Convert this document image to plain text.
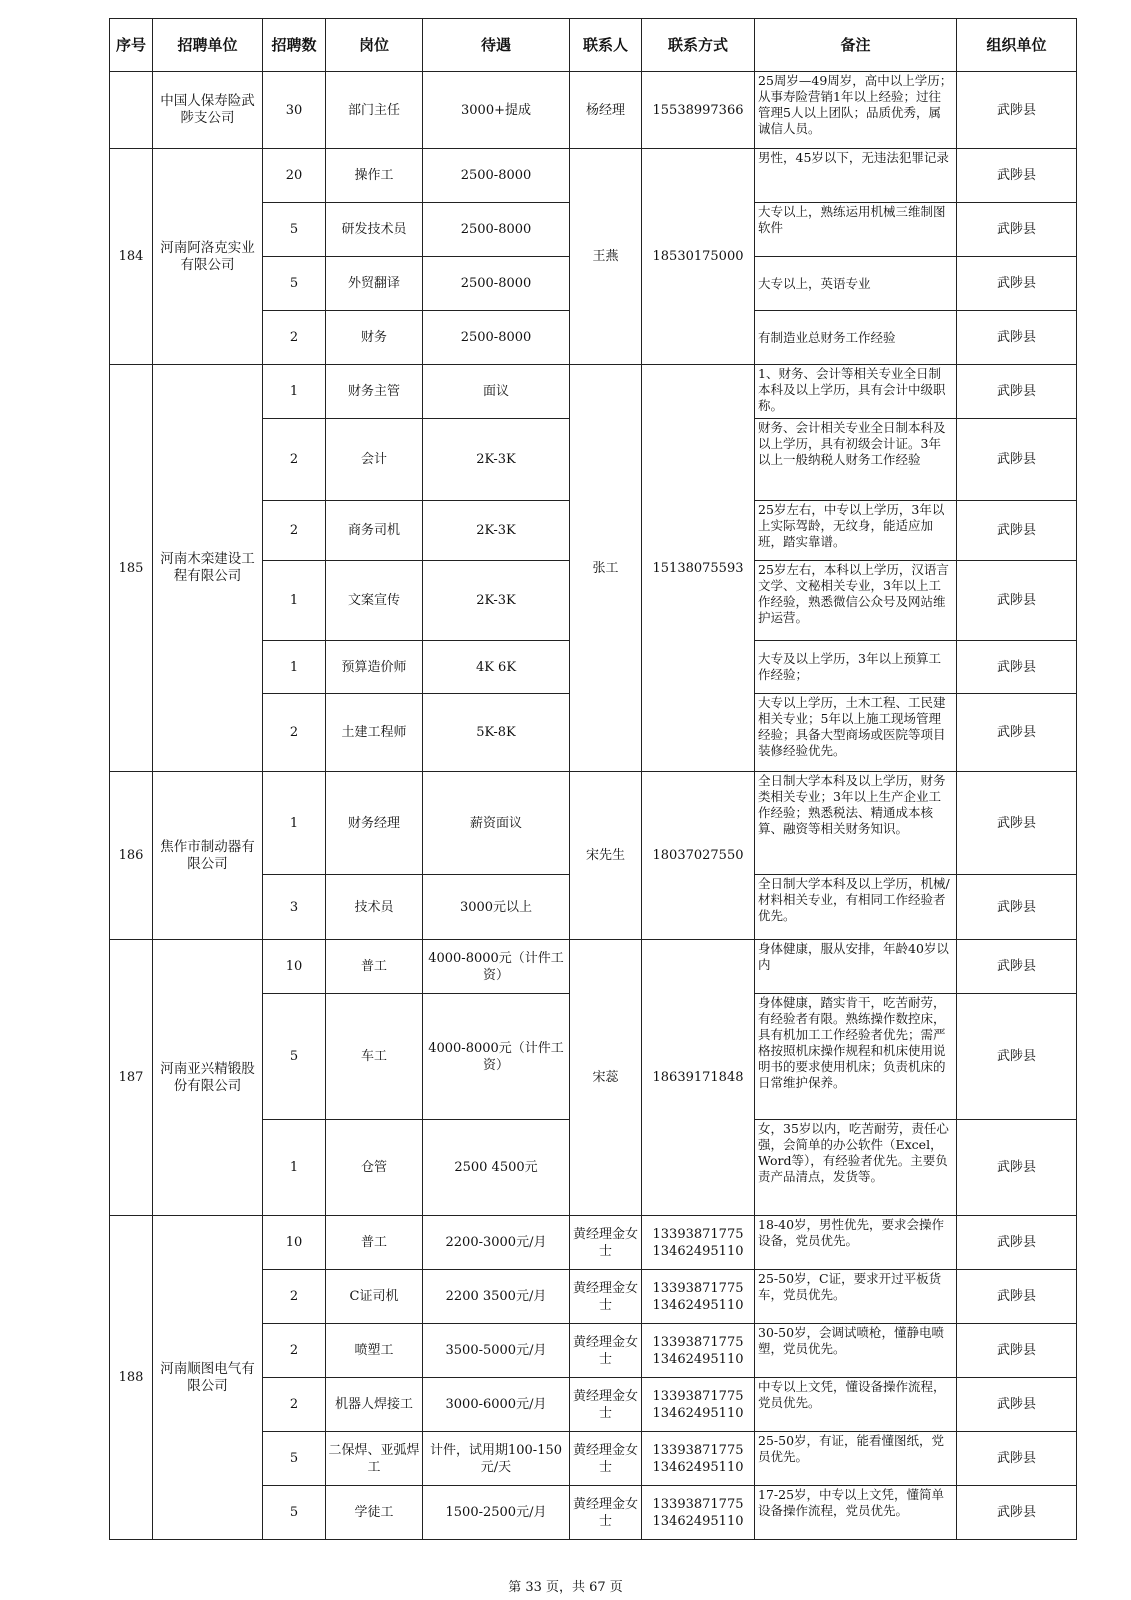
序号	招聘单位	招聘数	岗位	待遇	联系人	联系方式	备注	组织单位
	中国人保寿险武陟支公司	30	部门主任	3000+提成	杨经理	15538997366	25周岁—49周岁，高中以上学历；从事寿险营销1年以上经验；过往管理5人以上团队；品质优秀，属诚信人员。	武陟县
184	河南阿洛克实业有限公司	20	操作工	2500-8000	王燕	18530175000	男性，45岁以下，无违法犯罪记录	武陟县
		5	研发技术员	2500-8000			大专以上，熟练运用机械三维制图软件	武陟县
		5	外贸翻译	2500-8000			大专以上，英语专业	武陟县
		2	财务	2500-8000			有制造业总财务工作经验	武陟县
185	河南木栾建设工程有限公司	1	财务主管	面议	张工	15138075593	1、财务、会计等相关专业全日制本科及以上学历，具有会计中级职称。	武陟县
		2	会计	2K-3K			财务、会计相关专业全日制本科及以上学历，具有初级会计证。3年以上一般纳税人财务工作经验	武陟县
		2	商务司机	2K-3K			25岁左右，中专以上学历，3年以上实际驾龄，无纹身，能适应加班，踏实靠谱。	武陟县
		1	文案宣传	2K-3K			25岁左右，本科以上学历，汉语言文学、文秘相关专业，3年以上工作经验，熟悉微信公众号及网站维护运营。	武陟县
		1	预算造价师	4K 6K			大专及以上学历，3年以上预算工作经验；	武陟县
		2	土建工程师	5K-8K			大专以上学历，土木工程、工民建相关专业；5年以上施工现场管理经验；具备大型商场或医院等项目装修经验优先。	武陟县
186	焦作市制动器有限公司	1	财务经理	薪资面议	宋先生	18037027550	全日制大学本科及以上学历，财务类相关专业；3年以上生产企业工作经验；熟悉税法、精通成本核算、融资等相关财务知识。	武陟县
		3	技术员	3000元以上			全日制大学本科及以上学历，机械/材料相关专业，有相同工作经验者优先。	武陟县
187	河南亚兴精锻股份有限公司	10	普工	4000-8000元（计件工资）	宋蕊	18639171848	身体健康，服从安排，年龄40岁以内	武陟县
		5	车工	4000-8000元（计件工资）			身体健康，踏实肯干，吃苦耐劳，有经验者有限。熟练操作数控床，具有机加工工作经验者优先；需严格按照机床操作规程和机床使用说明书的要求使用机床；负责机床的日常维护保养。	武陟县
		1	仓管	2500 4500元			女，35岁以内，吃苦耐劳，责任心强，会简单的办公软件（Excel，Word等），有经验者优先。主要负责产品清点，发货等。	武陟县
188	河南顺图电气有限公司	10	普工	2200-3000元/月	黄经理金女士	13393871775 13462495110	18-40岁，男性优先，要求会操作设备，党员优先。	武陟县
		2	C证司机	2200 3500元/月	黄经理金女士	13393871775 13462495110	25-50岁，C证，要求开过平板货车，党员优先。	武陟县
		2	喷塑工	3500-5000元/月	黄经理金女士	13393871775 13462495110	30-50岁，会调试喷枪，懂静电喷塑，党员优先。	武陟县
		2	机器人焊接工	3000-6000元/月	黄经理金女士	13393871775 13462495110	中专以上文凭，懂设备操作流程，党员优先。	武陟县
		5	二保焊、亚弧焊工	计件，试用期100-150元/天	黄经理金女士	13393871775 13462495110	25-50岁，有证，能看懂图纸，党员优先。	武陟县
		5	学徒工	1500-2500元/月	黄经理金女士	13393871775 13462495110	17-25岁，中专以上文凭，懂简单设备操作流程，党员优先。	武陟县
第 33 页，共 67 页
